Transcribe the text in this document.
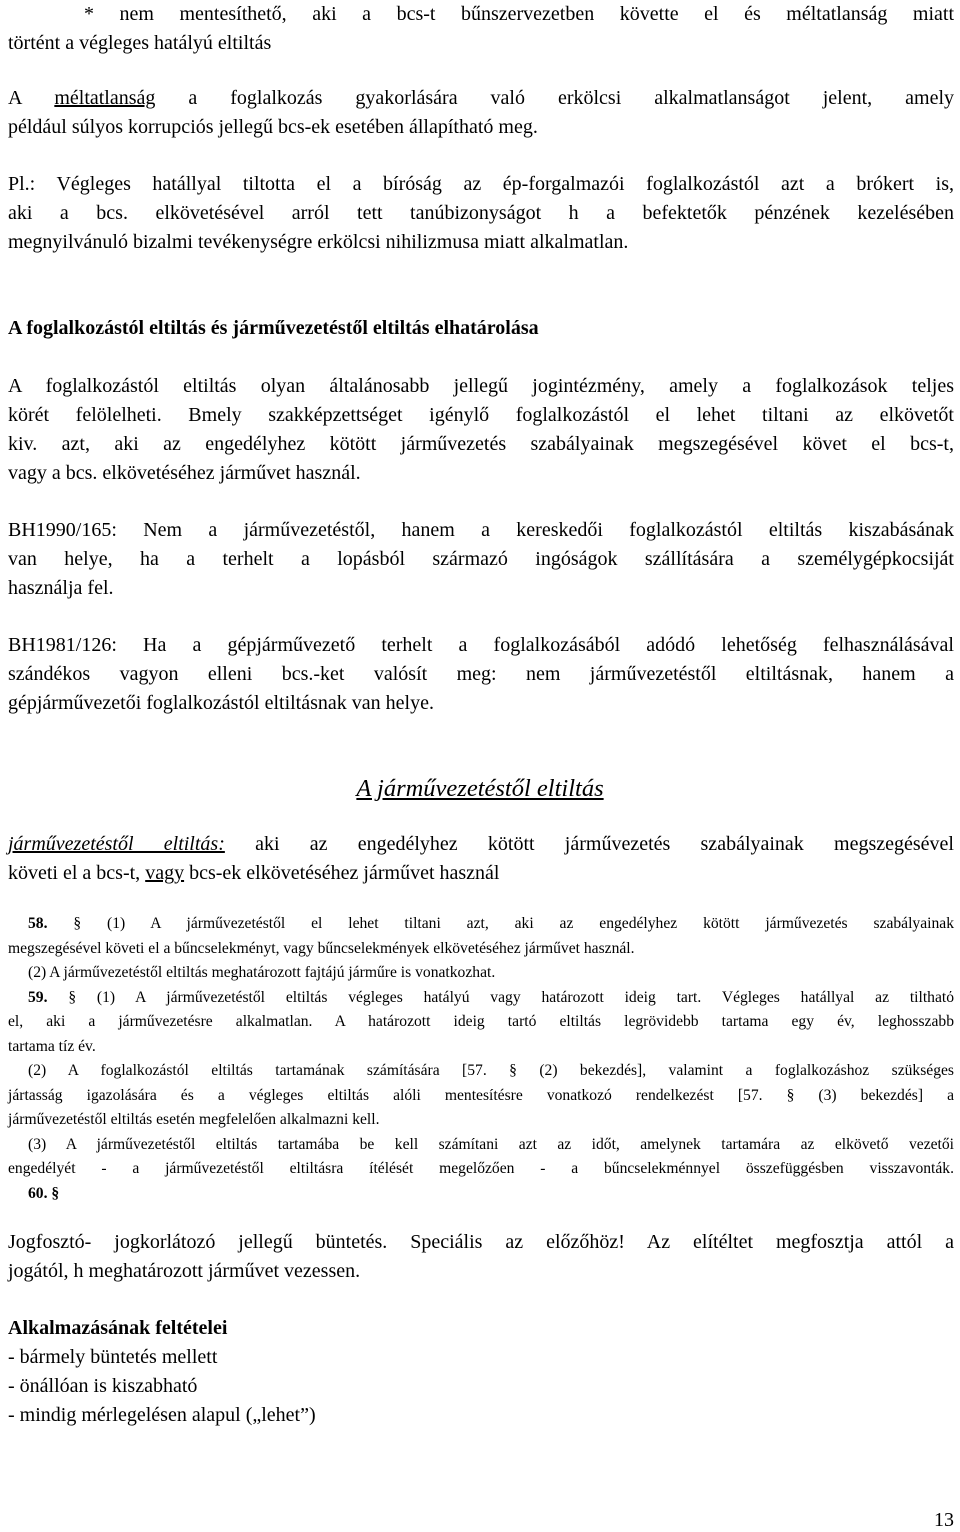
* nem mentesíthető, aki a bcs-t bűnszervezetben követte el és méltatlanság miatt
történt a végleges hatályú eltiltás
A méltatlanság a foglalkozás gyakorlására való erkölcsi alkalmatlanságot jelent, amely
például súlyos korrupciós jellegű bcs-ek esetében állapítható meg.
Pl.: Végleges hatállyal tiltotta el a bíróság az ép-forgalmazói foglalkozástól azt a brókert is,
aki a bcs. elkövetésével arról tett tanúbizonyságot h a befektetők pénzének kezelésében
megnyilvánuló bizalmi tevékenységre erkölcsi nihilizmusa miatt alkalmatlan.
A foglalkozástól eltiltás és járművezetéstől eltiltás elhatárolása
A foglalkozástól eltiltás olyan általánosabb jellegű jogintézmény, amely a foglalkozások teljes
körét felölelheti. Bmely szakképzettséget igénylő foglalkozástól el lehet tiltani az elkövetőt
kiv. azt, aki az engedélyhez kötött járművezetés szabályainak megszegésével követ el bcs-t,
vagy a bcs. elkövetéséhez járművet használ.
BH1990/165: Nem a járművezetéstől, hanem a kereskedői foglalkozástól eltiltás kiszabásának
van helye, ha a terhelt a lopásból származó ingóságok szállítására a személygépkocsiját
használja fel.
BH1981/126: Ha a gépjárművezető terhelt a foglalkozásából adódó lehetőség felhasználásával
szándékos vagyon elleni bcs.-ket valósít meg: nem járművezetéstől eltiltásnak, hanem a
gépjárművezetői foglalkozástól eltiltásnak van helye.
A járművezetéstől eltiltás
járművezetéstől eltiltás: aki az engedélyhez kötött járművezetés szabályainak megszegésével
követi el a bcs-t, vagy bcs-ek elkövetéséhez járművet használ
58. § (1) A járművezetéstől el lehet tiltani azt, aki az engedélyhez kötött járművezetés szabályainak
megszegésével követi el a bűncselekményt, vagy bűncselekmények elkövetéséhez járművet használ.
(2) A járművezetéstől eltiltás meghatározott fajtájú járműre is vonatkozhat.
59. § (1) A járművezetéstől eltiltás végleges hatályú vagy határozott ideig tart. Végleges hatállyal az tilthatό
el, aki a járművezetésre alkalmatlan. A határozott ideig tartó eltiltás legrövidebb tartama egy év, leghosszabb
tartama tíz év.
(2) A foglalkozástól eltiltás tartamának számítására [57. § (2) bekezdés], valamint a foglalkozáshoz szükséges
jártasság igazolására és a végleges eltiltás alóli mentesítésre vonatkozó rendelkezést [57. § (3) bekezdés] a
járművezetéstől eltiltás esetén megfelelően alkalmazni kell.
(3) A járművezetéstől eltiltás tartamába be kell számítani azt az időt, amelynek tartamára az elkövető vezetői
engedélyét - a járművezetéstől eltiltásra ítélését megelőzően - a bűncselekménnyel összefüggésben visszavonták.
60. §
Jogfosztó- jogkorlátozó jellegű büntetés. Speciális az előzőhöz! Az elítéltet megfosztja attól a
jogától, h meghatározott járművet vezessen.
Alkalmazásának feltételei
- bármely büntetés mellett
- önállóan is kiszabható
- mindig mérlegelésen alapul („lehet”)
13
